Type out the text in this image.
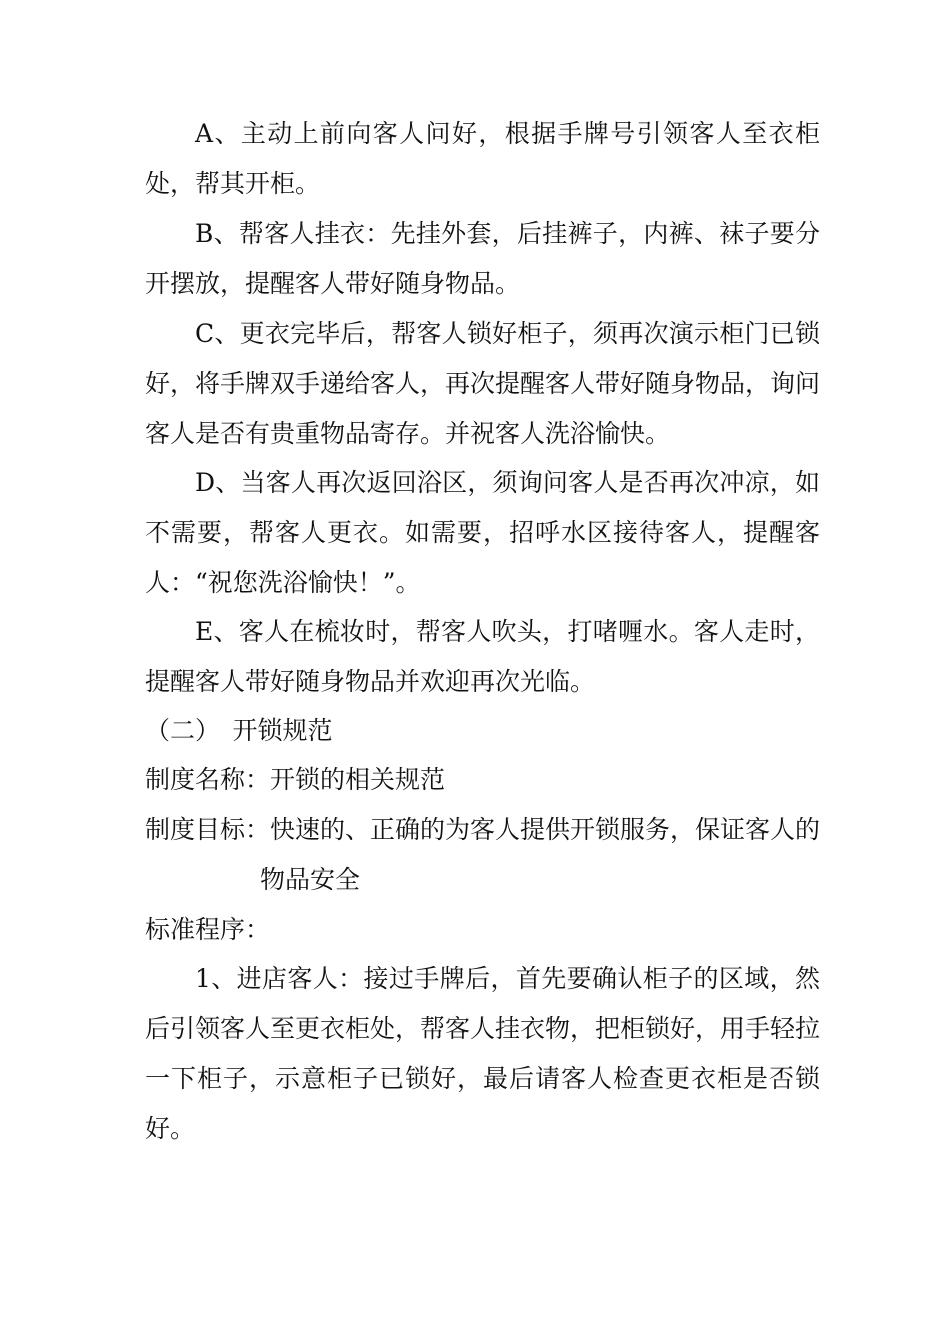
A、主动上前向客人问好，根据手牌号引领客人至衣柜处，帮其开柜。

B、帮客人挂衣：先挂外套，后挂裤子，内裤、袜子要分开摆放，提醒客人带好随身物品。

C、更衣完毕后，帮客人锁好柜子，须再次演示柜门已锁好，将手牌双手递给客人，再次提醒客人带好随身物品，询问客人是否有贵重物品寄存。并祝客人洗浴愉快。

D、当客人再次返回浴区，须询问客人是否再次冲凉，如不需要，帮客人更衣。如需要，招呼水区接待客人，提醒客人：“祝您洗浴愉快！”。

E、客人在梳妆时，帮客人吹头，打啫喱水。客人走时，提醒客人带好随身物品并欢迎再次光临。

（二）　开锁规范

制度名称：开锁的相关规范

制度目标：快速的、正确的为客人提供开锁服务，保证客人的物品安全

标准程序：

1、进店客人：接过手牌后，首先要确认柜子的区域，然后引领客人至更衣柜处，帮客人挂衣物，把柜锁好，用手轻拉一下柜子，示意柜子已锁好，最后请客人检查更衣柜是否锁好。
